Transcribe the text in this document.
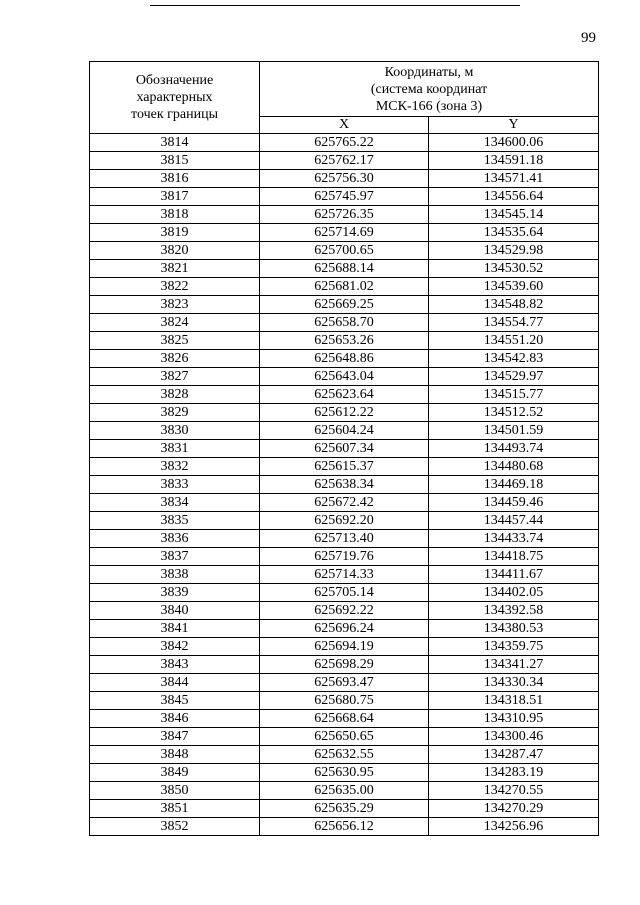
99
Обозначение
характерных
точек границы	Координаты, м
(система координат
МСК-166 (зона 3)	

	X	Y
3814	625765.22	134600.06
3815	625762.17	134591.18
3816	625756.30	134571.41
3817	625745.97	134556.64
3818	625726.35	134545.14
3819	625714.69	134535.64
3820	625700.65	134529.98
3821	625688.14	134530.52
3822	625681.02	134539.60
3823	625669.25	134548.82
3824	625658.70	134554.77
3825	625653.26	134551.20
3826	625648.86	134542.83
3827	625643.04	134529.97
3828	625623.64	134515.77
3829	625612.22	134512.52
3830	625604.24	134501.59
3831	625607.34	134493.74
3832	625615.37	134480.68
3833	625638.34	134469.18
3834	625672.42	134459.46
3835	625692.20	134457.44
3836	625713.40	134433.74
3837	625719.76	134418.75
3838	625714.33	134411.67
3839	625705.14	134402.05
3840	625692.22	134392.58
3841	625696.24	134380.53
3842	625694.19	134359.75
3843	625698.29	134341.27
3844	625693.47	134330.34
3845	625680.75	134318.51
3846	625668.64	134310.95
3847	625650.65	134300.46
3848	625632.55	134287.47
3849	625630.95	134283.19
3850	625635.00	134270.55
3851	625635.29	134270.29
3852	625656.12	134256.96
